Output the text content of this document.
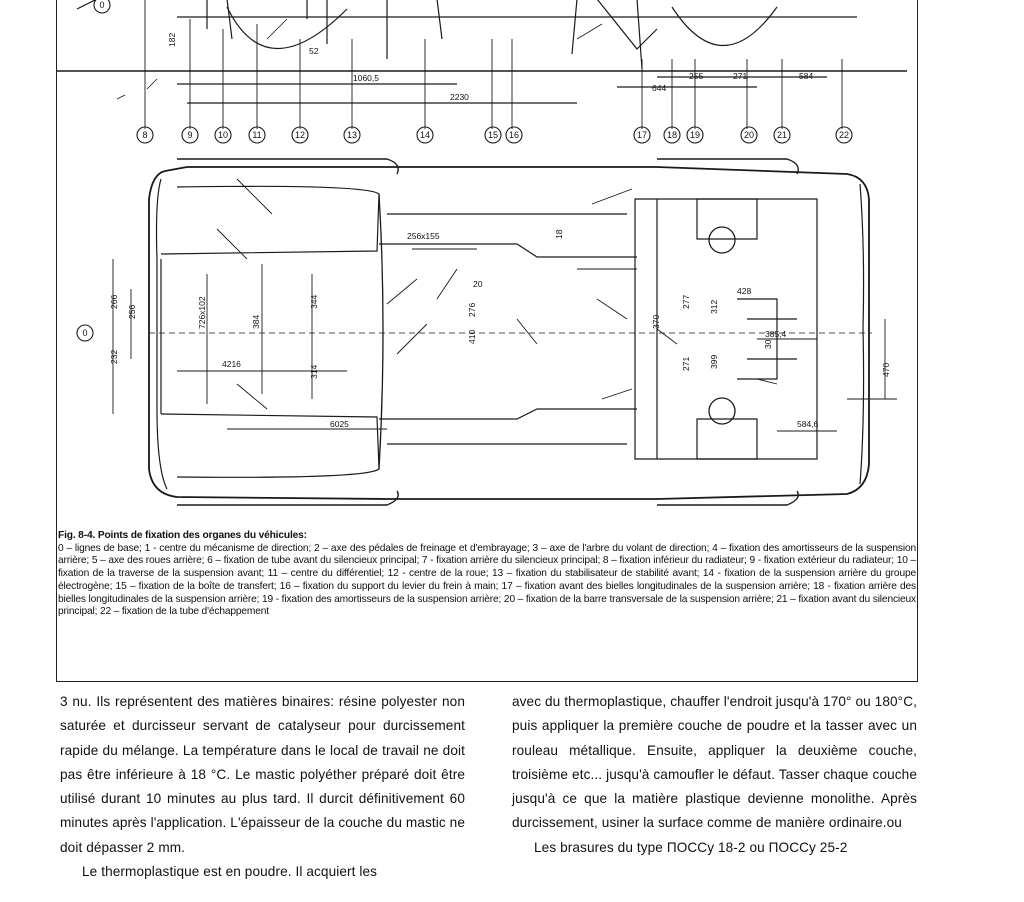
1060,5
2230
255	271	584
644
52
182
256x155
726x102
266
384
344
314
256
232	4216
6025
20
276
410
370
277
271
312
399
428
385,4
584,6
470
30
18
0
8	9	10	11	12	13	14	15 16	17 18 19	20	21	22
0
Fig. 8-4. Points de fixation des organes du véhicules:
0 – lignes de base; 1 - centre du mécanisme de direction; 2 – axe des pédales de freinage et d'embrayage; 3 – axe de l'arbre du volant de direction; 4 – fixation des amortisseurs de la suspension arrière; 5 – axe des roues arrière; 6 – fixation de tube avant du silencieux principal; 7 - fixation arrière du silencieux principal; 8 – fixation inférieur du radiateur; 9 - fixation extérieur du radiateur; 10 – fixation de la traverse de la suspension avant; 11 – centre du différentiel; 12 - centre de la roue; 13 – fixation du stabilisateur de stabilité avant; 14 - fixation de la suspension arrière du groupe électrogène; 15 – fixation de la boîte de transfert; 16 – fixation du support du levier du frein à main; 17 – fixation avant des bielles longitudinales de la suspension arrière; 18 - fixation arrière des bielles longitudinales de la suspension arrière; 19 - fixation des amortisseurs de la suspension arrière; 20 – fixation de la barre transversale de la suspension arrière; 21 – fixation avant du silencieux principal; 22 – fixation de la tube d'échappement

3 nu. Ils représentent des matières binaires: résine polyester non saturée et durcisseur servant de catalyseur pour durcissement rapide du mélange. La température dans le local de travail ne doit pas être inférieure à 18 °C. Le mastic polyéther préparé doit être utilisé durant 10 minutes au plus tard. Il durcit définitivement 60 minutes après l'application. L'épaisseur de la couche du mastic ne doit dépasser 2 mm.

Le thermoplastique est en poudre. Il acquiert les

avec du thermoplastique, chauffer l'endroit jusqu'à 170° ou 180°C, puis appliquer la première couche de poudre et la tasser avec un rouleau métallique. Ensuite, appliquer la deuxième couche, troisième etc... jusqu'à camoufler le défaut. Tasser chaque couche jusqu'à ce que la matière plastique devienne monolithe. Après durcissement, usiner la surface comme de manière ordinaire.ou

Les brasures du type ПОССу 18-2 ou ПОССу 25-2
